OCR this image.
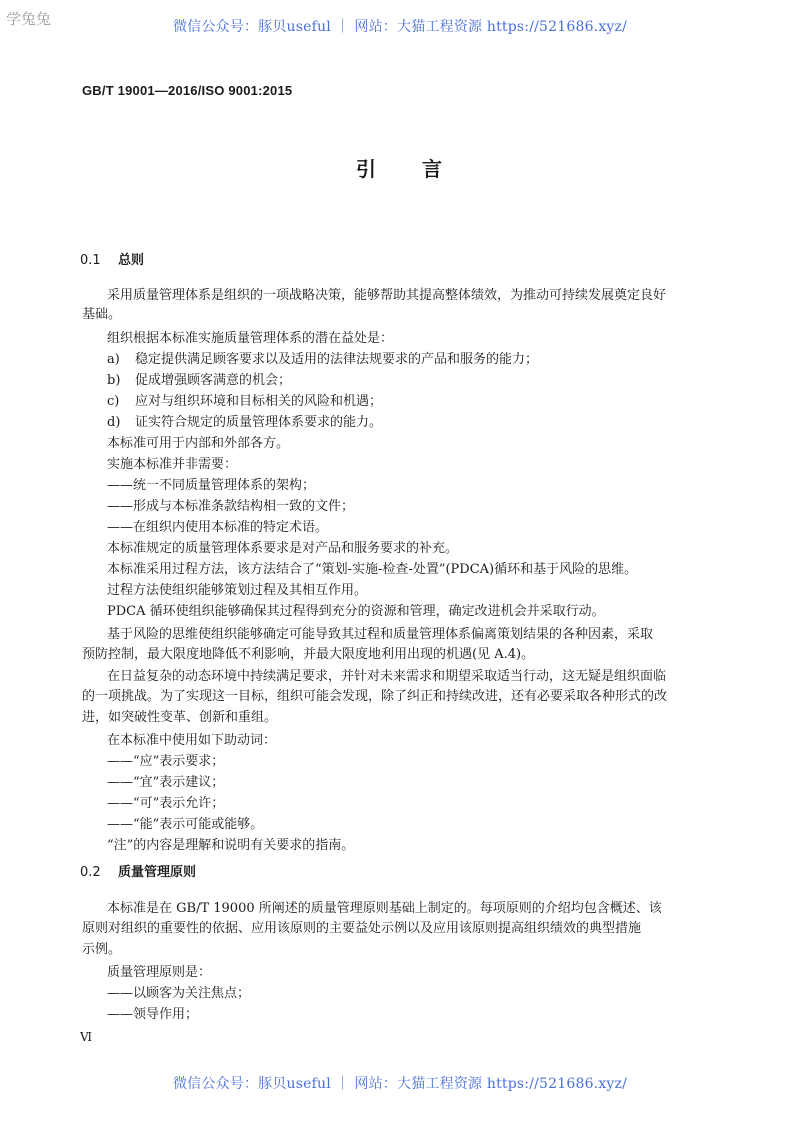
学兔兔	微信公众号：豚贝useful ｜ 网站：大猫工程资源 https://521686.xyz/
GB/T 19001—2016/ISO 9001:2015
引　　言
0.1 总则
采用质量管理体系是组织的一项战略决策，能够帮助其提高整体绩效，为推动可持续发展奠定良好
基础。
组织根据本标准实施质量管理体系的潜在益处是：
a) 稳定提供满足顾客要求以及适用的法律法规要求的产品和服务的能力；
b) 促成增强顾客满意的机会；
c) 应对与组织环境和目标相关的风险和机遇；
d) 证实符合规定的质量管理体系要求的能力。
本标准可用于内部和外部各方。
实施本标准并非需要：
——统一不同质量管理体系的架构；
——形成与本标准条款结构相一致的文件；
——在组织内使用本标准的特定术语。
本标准规定的质量管理体系要求是对产品和服务要求的补充。
本标准采用过程方法，该方法结合了“策划-实施-检查-处置”(PDCA)循环和基于风险的思维。
过程方法使组织能够策划过程及其相互作用。
PDCA 循环使组织能够确保其过程得到充分的资源和管理，确定改进机会并采取行动。
基于风险的思维使组织能够确定可能导致其过程和质量管理体系偏离策划结果的各种因素，采取
预防控制，最大限度地降低不利影响，并最大限度地利用出现的机遇(见 A.4)。
在日益复杂的动态环境中持续满足要求，并针对未来需求和期望采取适当行动，这无疑是组织面临
的一项挑战。为了实现这一目标，组织可能会发现，除了纠正和持续改进，还有必要采取各种形式的改
进，如突破性变革、创新和重组。
在本标准中使用如下助动词：
——“应”表示要求；
——“宜”表示建议；
——“可”表示允许；
——“能”表示可能或能够。
“注”的内容是理解和说明有关要求的指南。
0.2 质量管理原则
本标准是在 GB/T 19000 所阐述的质量管理原则基础上制定的。每项原则的介绍均包含概述、该
原则对组织的重要性的依据、应用该原则的主要益处示例以及应用该原则提高组织绩效的典型措施
示例。
质量管理原则是：
——以顾客为关注焦点；
——领导作用；
Ⅵ
微信公众号：豚贝useful ｜ 网站：大猫工程资源 https://521686.xyz/
